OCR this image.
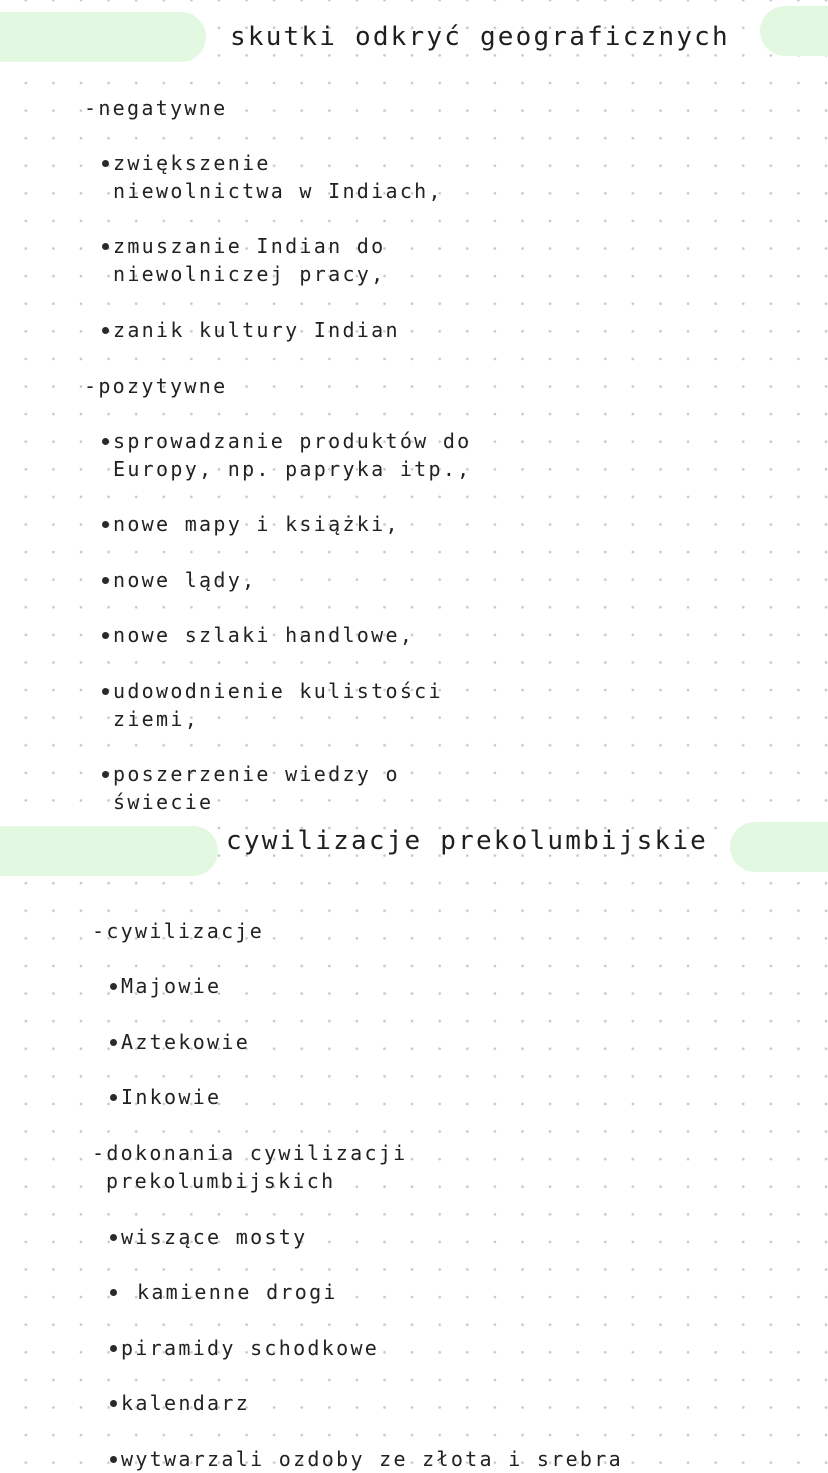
skutki odkryć geograficznych
-negatywne
zwiększenie
niewolnictwa w Indiach,
zmuszanie Indian do
niewolniczej pracy,
zanik kultury Indian
-pozytywne
sprowadzanie produktów do
Europy, np. papryka itp.,
nowe mapy i książki,
nowe lądy,
nowe szlaki handlowe,
udowodnienie kulistości
ziemi,
poszerzenie wiedzy o
świecie
cywilizacje prekolumbijskie
-cywilizacje
Majowie
Aztekowie
Inkowie
-dokonania cywilizacji
prekolumbijskich
wiszące mosty
kamienne drogi
piramidy schodkowe
kalendarz
wytwarzali ozdoby ze złota i srebra
